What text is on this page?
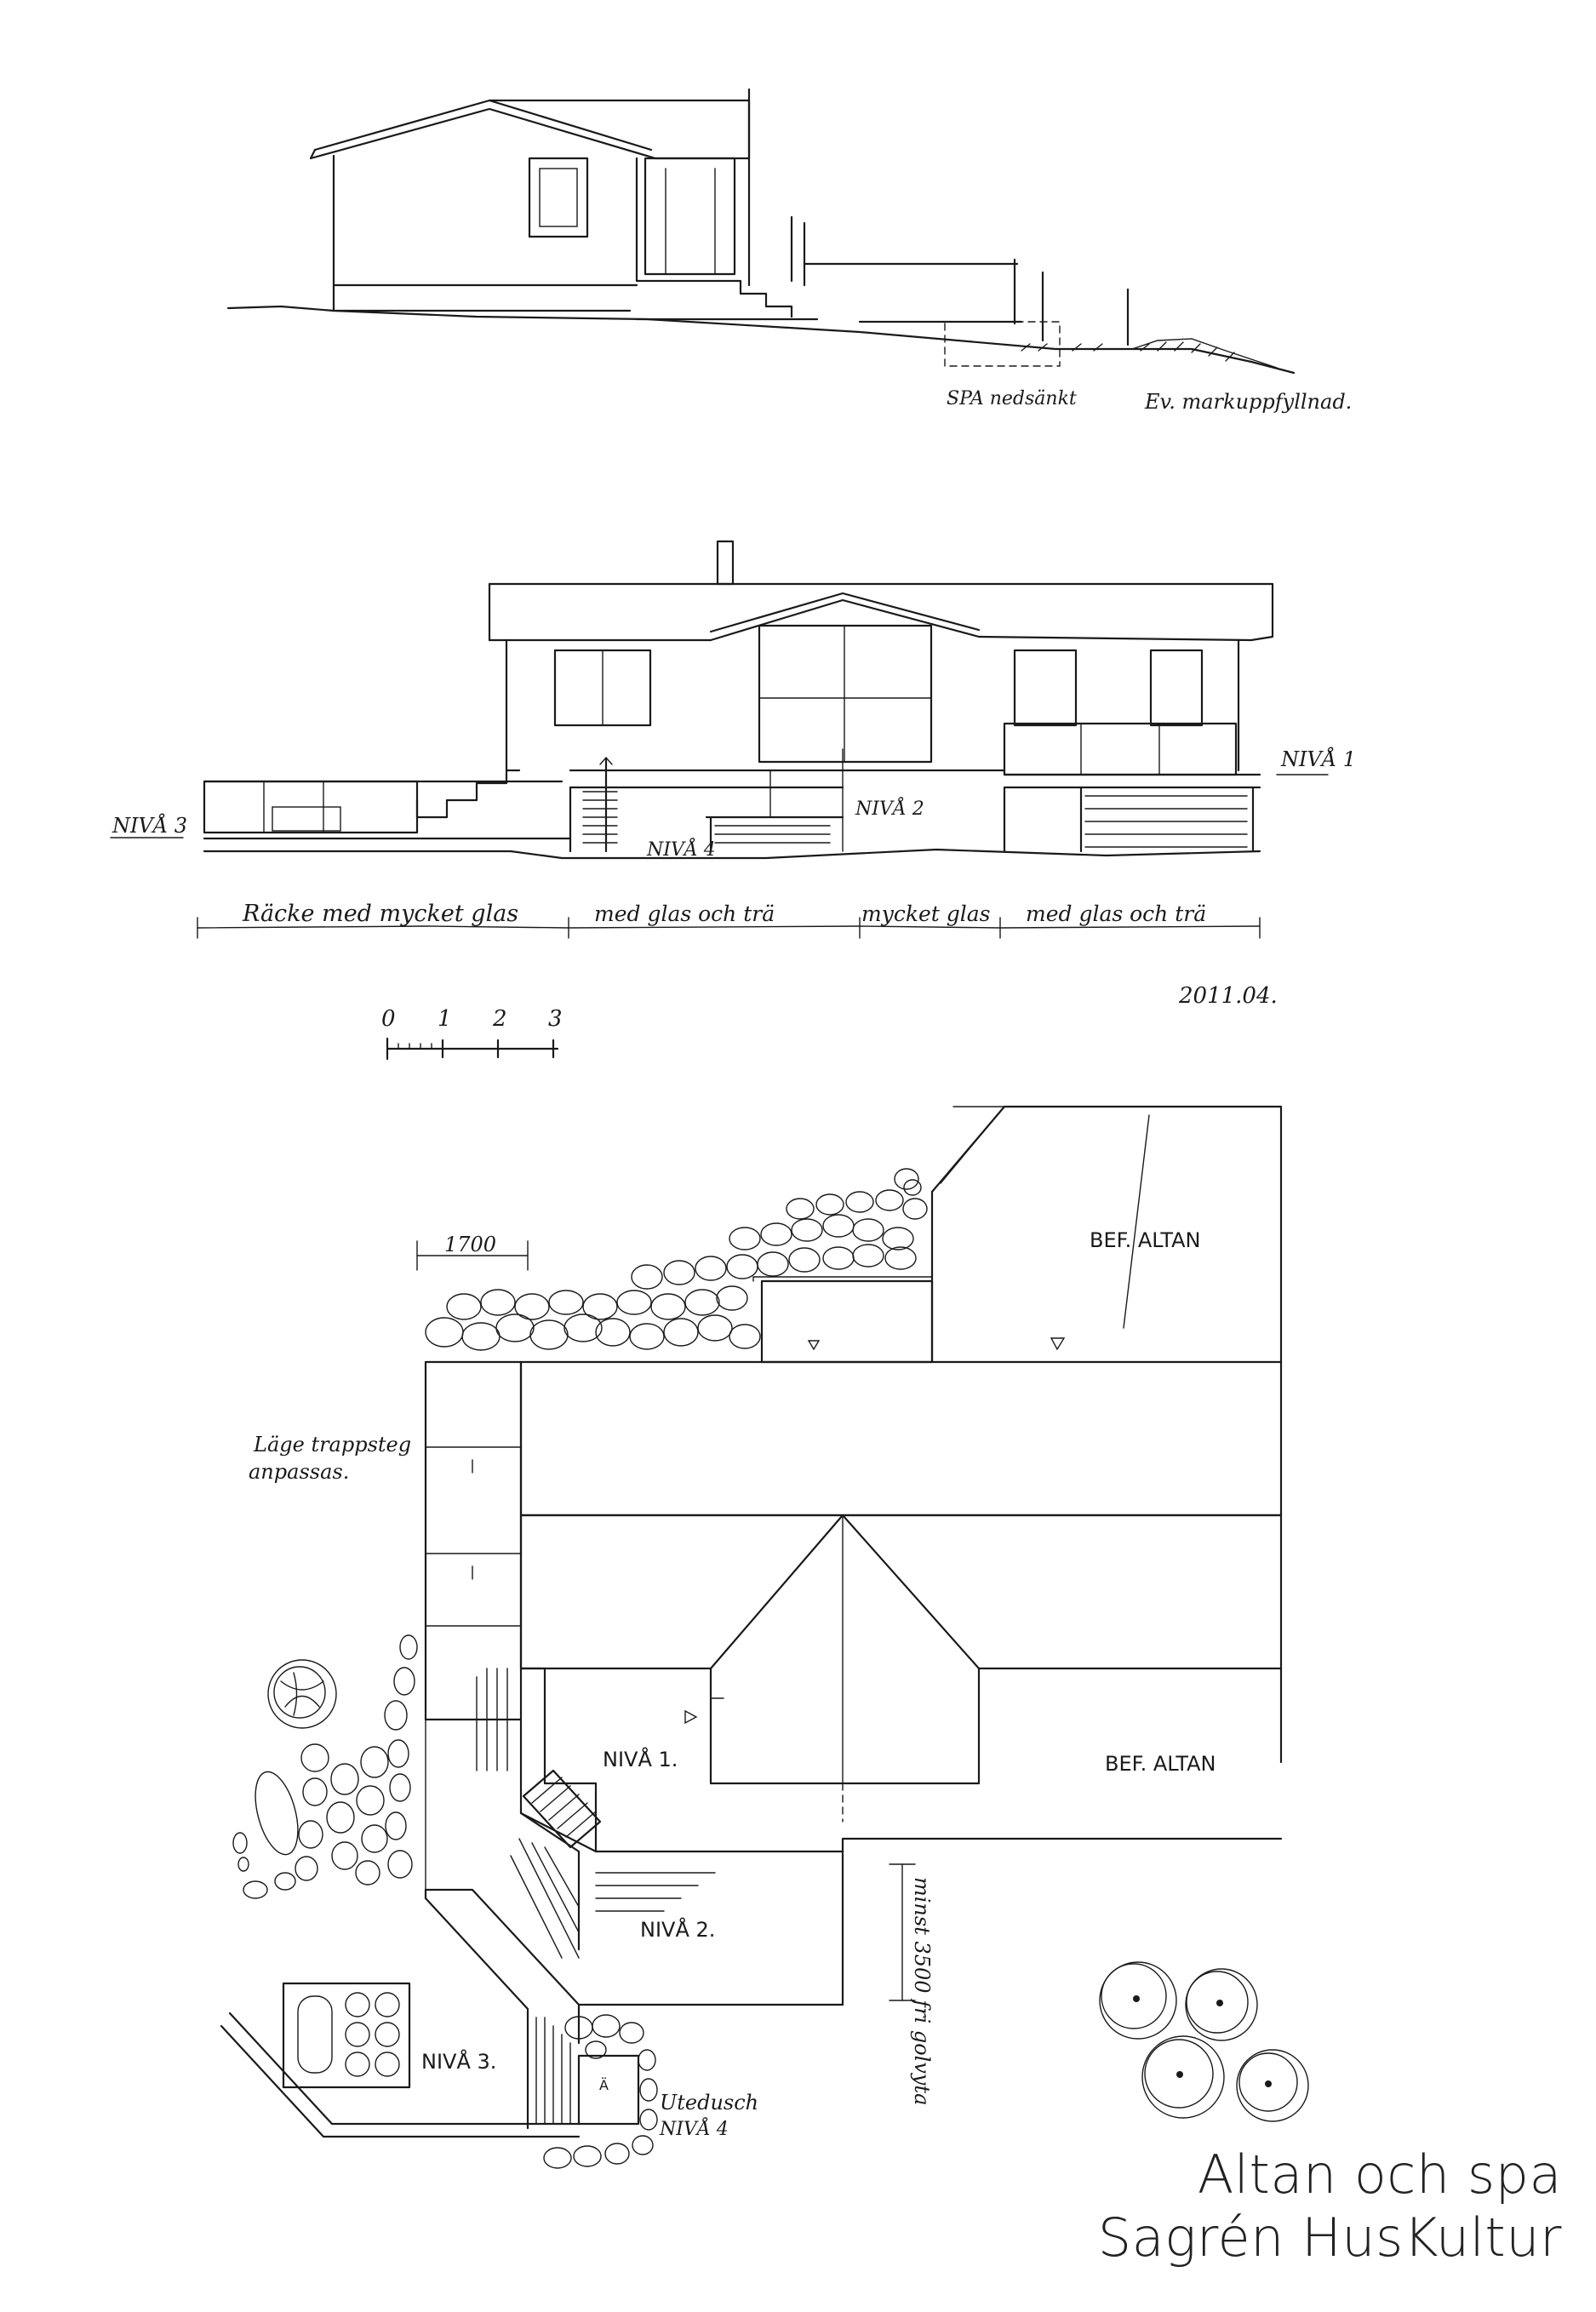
SPA nedsänkt	Ev. markuppfyllnad.
NIVÅ 1
NIVÅ 2
NIVÅ 3
NIVÅ 4
Räcke med mycket glas	med glas och trä	mycket glas med glas och trä
2011.04.
0 1 2 3
Ä
1700
Läge trappsteg
anpassas.
BEF. ALTAN
BEF. ALTAN
NIVÅ 1.
NIVÅ 2.
NIVÅ 3.	minst 3500 fri golvyta
Utedusch
NIVÅ 4
Altan och spa
Sagrén HusKultur
